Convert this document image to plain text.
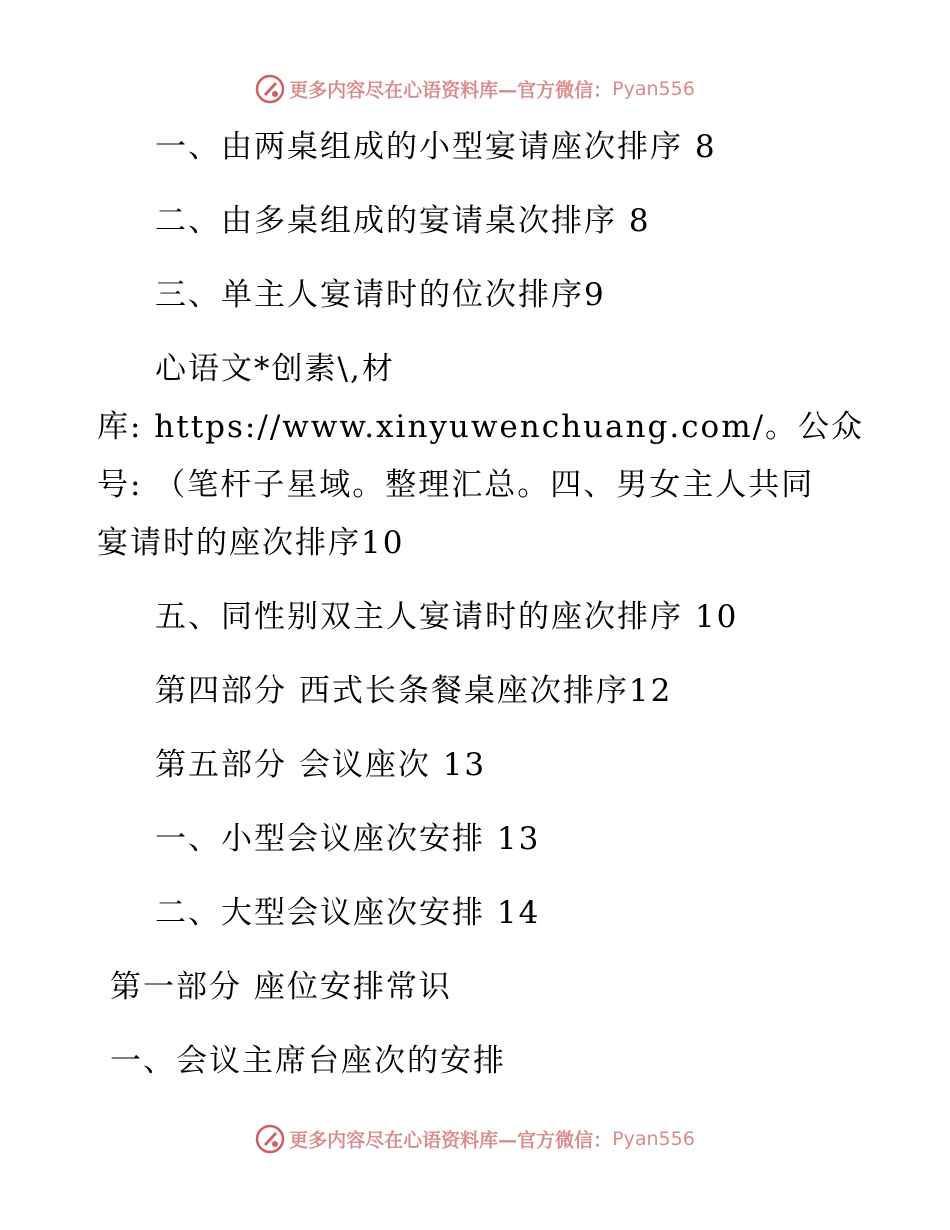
更多内容尽在心语资料库—官方微信：Pyan556
一、由两桌组成的小型宴请座次排序 8
二、由多桌组成的宴请桌次排序 8
三、单主人宴请时的位次排序9
心语文*创素\,材
库: https://www.xinyuwenchuang.com/。公众
号: （笔杆子星域。整理汇总。四、男女主人共同
宴请时的座次排序10
五、同性别双主人宴请时的座次排序 10
第四部分 西式长条餐桌座次排序12
第五部分 会议座次 13
一、小型会议座次安排 13
二、大型会议座次安排 14
第一部分 座位安排常识
一、会议主席台座次的安排
更多内容尽在心语资料库—官方微信：Pyan556
